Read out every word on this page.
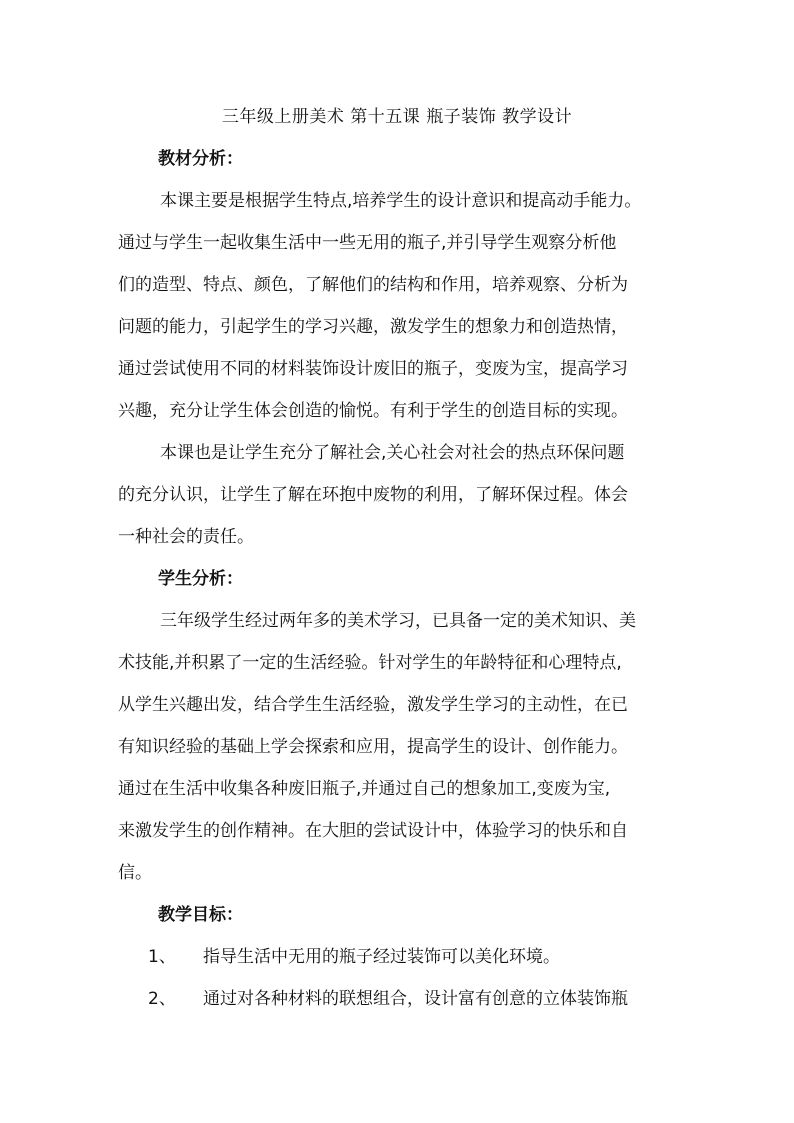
三年级上册美术 第十五课 瓶子装饰 教学设计
教材分析：
本课主要是根据学生特点,培养学生的设计意识和提高动手能力。
通过与学生一起收集生活中一些无用的瓶子,并引导学生观察分析他
们的造型、特点、颜色，了解他们的结构和作用，培养观察、分析为
问题的能力，引起学生的学习兴趣，激发学生的想象力和创造热情，
通过尝试使用不同的材料装饰设计废旧的瓶子，变废为宝，提高学习
兴趣，充分让学生体会创造的愉悦。有利于学生的创造目标的实现。
本课也是让学生充分了解社会,关心社会对社会的热点环保问题
的充分认识，让学生了解在环抱中废物的利用，了解环保过程。体会
一种社会的责任。
学生分析：
三年级学生经过两年多的美术学习，已具备一定的美术知识、美
术技能,并积累了一定的生活经验。针对学生的年龄特征和心理特点,
从学生兴趣出发，结合学生生活经验，激发学生学习的主动性，在已
有知识经验的基础上学会探索和应用，提高学生的设计、创作能力。
通过在生活中收集各种废旧瓶子,并通过自己的想象加工,变废为宝,
来激发学生的创作精神。在大胆的尝试设计中，体验学习的快乐和自
信。
教学目标：
1、 指导生活中无用的瓶子经过装饰可以美化环境。
2、 通过对各种材料的联想组合，设计富有创意的立体装饰瓶
